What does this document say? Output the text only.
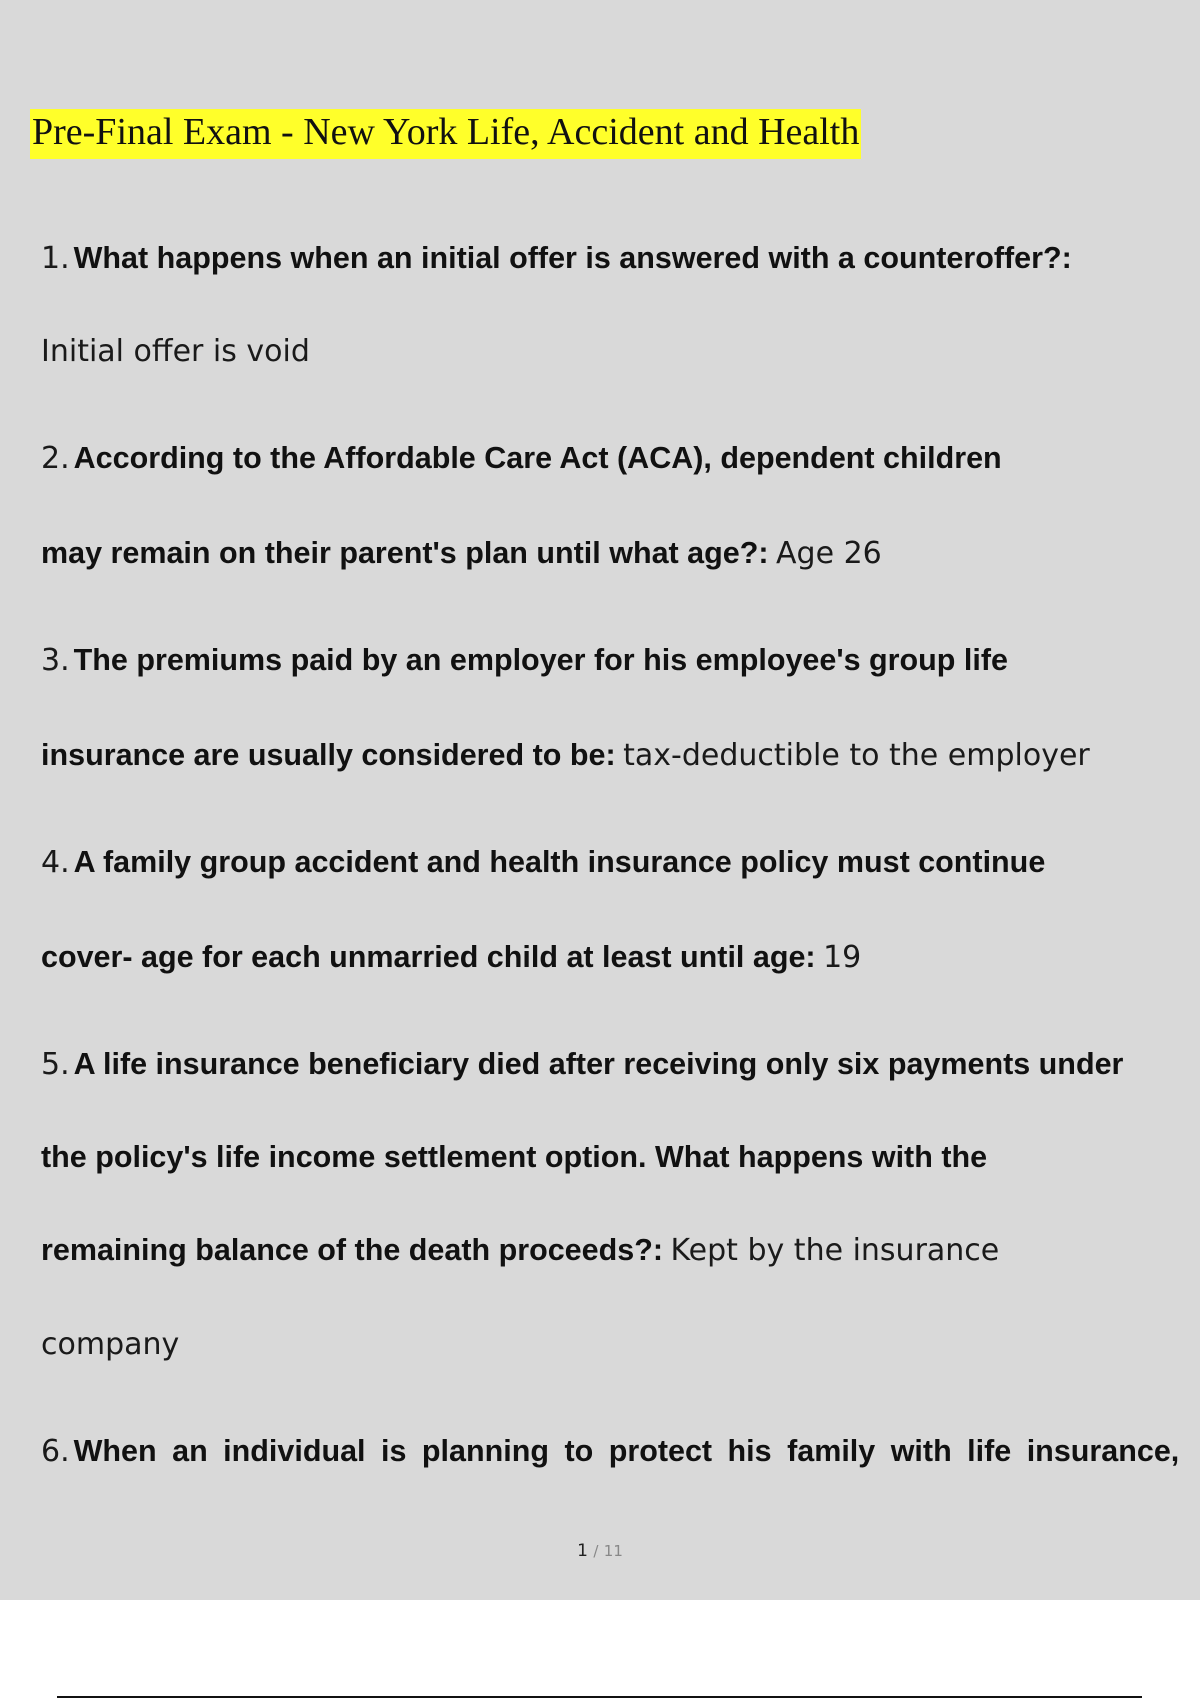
Pre-Final Exam - New York Life, Accident and Health

1. What happens when an initial offer is answered with a counteroffer?:

Initial offer is void

2. According to the Affordable Care Act (ACA), dependent children

may remain on their parent's plan until what age?: Age 26

3. The premiums paid by an employer for his employee's group life

insurance are usually considered to be: tax-deductible to the employer

4. A family group accident and health insurance policy must continue

cover- age for each unmarried child at least until age: 19

5. A life insurance beneficiary died after receiving only six payments under

the policy's life income settlement option. What happens with the

remaining balance of the death proceeds?: Kept by the insurance

company

6. When an individual is planning to protect his family with life insurance,

1 / 11
